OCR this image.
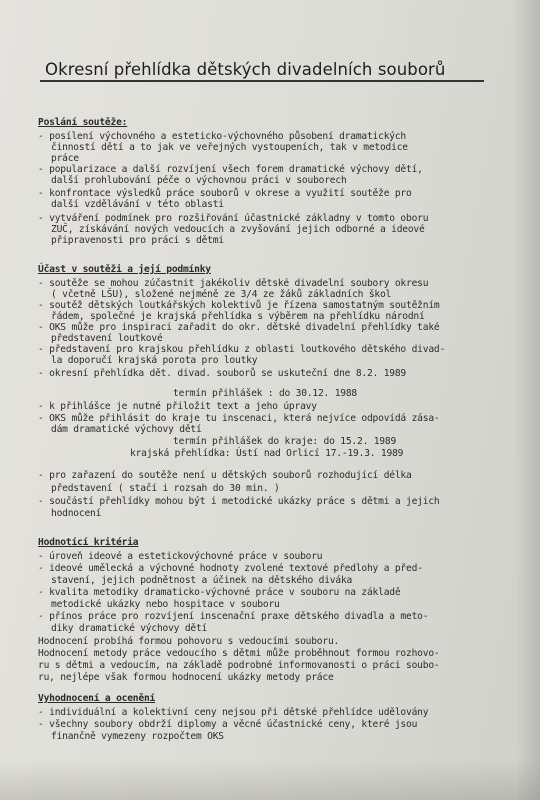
Okresní přehlídka dětských divadelních souborů
Poslání soutěže:
- posílení výchovného a esteticko-výchovného působení dramatických
činností dětí a to jak ve veřejných vystoupeních, tak v metodice
práce
- popularizace a další rozvíjení všech forem dramatické výchovy dětí,
další prohlubování péče o výchovnou práci v souborech
- konfrontace výsledků práce souborů v okrese a využití soutěže pro
další vzdělávání v této oblasti
- vytváření podmínek pro rozšiřování účastnické základny v tomto oboru
ZUČ, získávání nových vedoucích a zvyšování jejich odborné a ideové
připravenosti pro práci s dětmi
Účast v soutěži a její podmínky
- soutěže se mohou zúčastnit jakékoliv dětské divadelní soubory okresu
( včetně LŠU), složené nejméně ze 3/4 ze žáků základních škol
- soutěž dětských loutkářských kolektivů je řízena samostatným soutěžním
řádem, společné je krajská přehlídka s výběrem na přehlídku národní
- OKS může pro inspiraci zařadit do okr. dětské divadelní přehlídky také
představení loutkové
- představení pro krajskou přehlídku z oblasti loutkového dětského divad-
la doporučí krajská porota pro loutky
- okresní přehlídka dět. divad. souborů se uskuteční dne 8.2. 1989
termín přihlášek : do 30.12. 1988
- k přihlášce je nutné přiložit text a jeho úpravy
- OKS může přihlásit do kraje tu inscenaci, která nejvíce odpovídá zása-
dám dramatické výchovy dětí
termín přihlášek do kraje: do 15.2. 1989
krajská přehlídka: Ústí nad Orlicí 17.-19.3. 1989
- pro zařazení do soutěže není u dětských souborů rozhodující délka
představení ( stačí i rozsah do 30 min. )
- součástí přehlídky mohou být i metodické ukázky práce s dětmi a jejich
hodnocení
Hodnotící kritéria
- úroveň ideové a estetickovýchovné práce v souboru
- ideové umělecká a výchovné hodnoty zvolené textové předlohy a před-
stavení, jejich podnětnost a účinek na dětského diváka
- kvalita metodiky dramaticko-výchovné práce v souboru na základě
metodické ukázky nebo hospitace v souboru
- přínos práce pro rozvíjení inscenační praxe dětského divadla a meto-
diky dramatické výchovy dětí
Hodnocení probíhá formou pohovoru s vedoucími souboru.
Hodnocení metody práce vedoucího s dětmi může proběhnout formou rozhovo-
ru s dětmi a vedoucím, na základě podrobné informovanosti o práci soubo-
ru, nejlépe však formou hodnocení ukázky metody práce
Vyhodnocení a ocenění
- individuální a kolektivní ceny nejsou při dětské přehlídce udělovány
- všechny soubory obdrží diplomy a věcné účastnické ceny, které jsou
finančně vymezeny rozpočtem OKS
